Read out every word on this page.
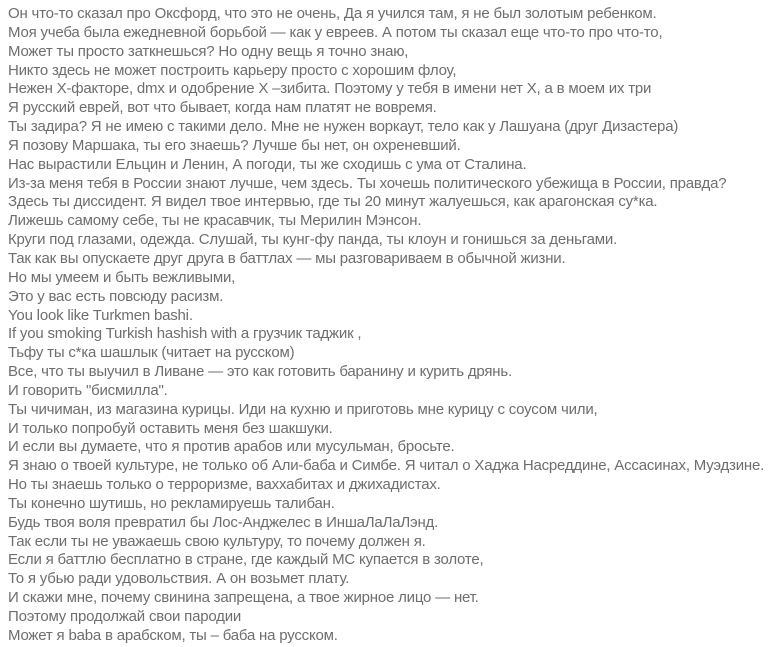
Он что-то сказал про Оксфорд, что это не очень, Да я учился там, я не был золотым ребенком.

Моя учеба была ежедневной борьбой — как у евреев. А потом ты сказал еще что-то про что-то,

Может ты просто заткнешься? Но одну вещь я точно знаю,

Никто здесь не может построить карьеру просто с хорошим флоу,

Нежен X-факторе, dmx и одобрение X –зибита. Поэтому у тебя в имени нет X, а в моем их три

Я русский еврей, вот что бывает, когда нам платят не вовремя.

Ты задира? Я не имею с такими дело. Мне не нужен воркаут, тело как у Лашуана (друг Дизастера)

Я позову Маршака, ты его знаешь? Лучше бы нет, он охреневший.

Нас вырастили Ельцин и Ленин, А погоди, ты же сходишь с ума от Сталина.

Из-за меня тебя в России знают лучше, чем здесь. Ты хочешь политического убежища в России, правда?

Здесь ты диссидент. Я видел твое интервью, где ты 20 минут жалуешься, как арагонская су*ка.

Лижешь самому себе, ты не красавчик, ты Мерилин Мэнсон.

Круги под глазами, одежда. Слушай, ты кунг-фу панда, ты клоун и гонишься за деньгами.

Так как вы опускаете друг друга в баттлах — мы разговариваем в обычной жизни.

Но мы умеем и быть вежливыми,

Это у вас есть повсюду расизм.

You look like Turkmen bashi.

If you smoking Turkish hashish with a грузчик таджик ,

Тьфу ты с*ка шашлык (читает на русском)

Все, что ты выучил в Ливане — это как готовить баранину и курить дрянь.

И говорить "бисмилла".

Ты чичиман, из магазина курицы. Иди на кухню и приготовь мне курицу с соусом чили,

И только попробуй оставить меня без шакшуки.

И если вы думаете, что я против арабов или мусульман, бросьте.

Я знаю о твоей культуре, не только об Али-баба и Симбе. Я читал о Хаджа Насреддине, Ассасинах, Муэдзине.

Но ты знаешь только о терроризме, ваххабитах и джихадистах.

Ты конечно шутишь, но рекламируешь талибан.

Будь твоя воля превратил бы Лос-Анджелес в ИншаЛаЛаЛэнд.

Так если ты не уважаешь свою культуру, то почему должен я.

Если я баттлю бесплатно в стране, где каждый МС купается в золоте,

То я убью ради удовольствия. А он возьмет плату.

И скажи мне, почему свинина запрещена, а твое жирное лицо — нет.

Поэтому продолжай свои пародии

Может я baba в арабском, ты – баба на русском.
